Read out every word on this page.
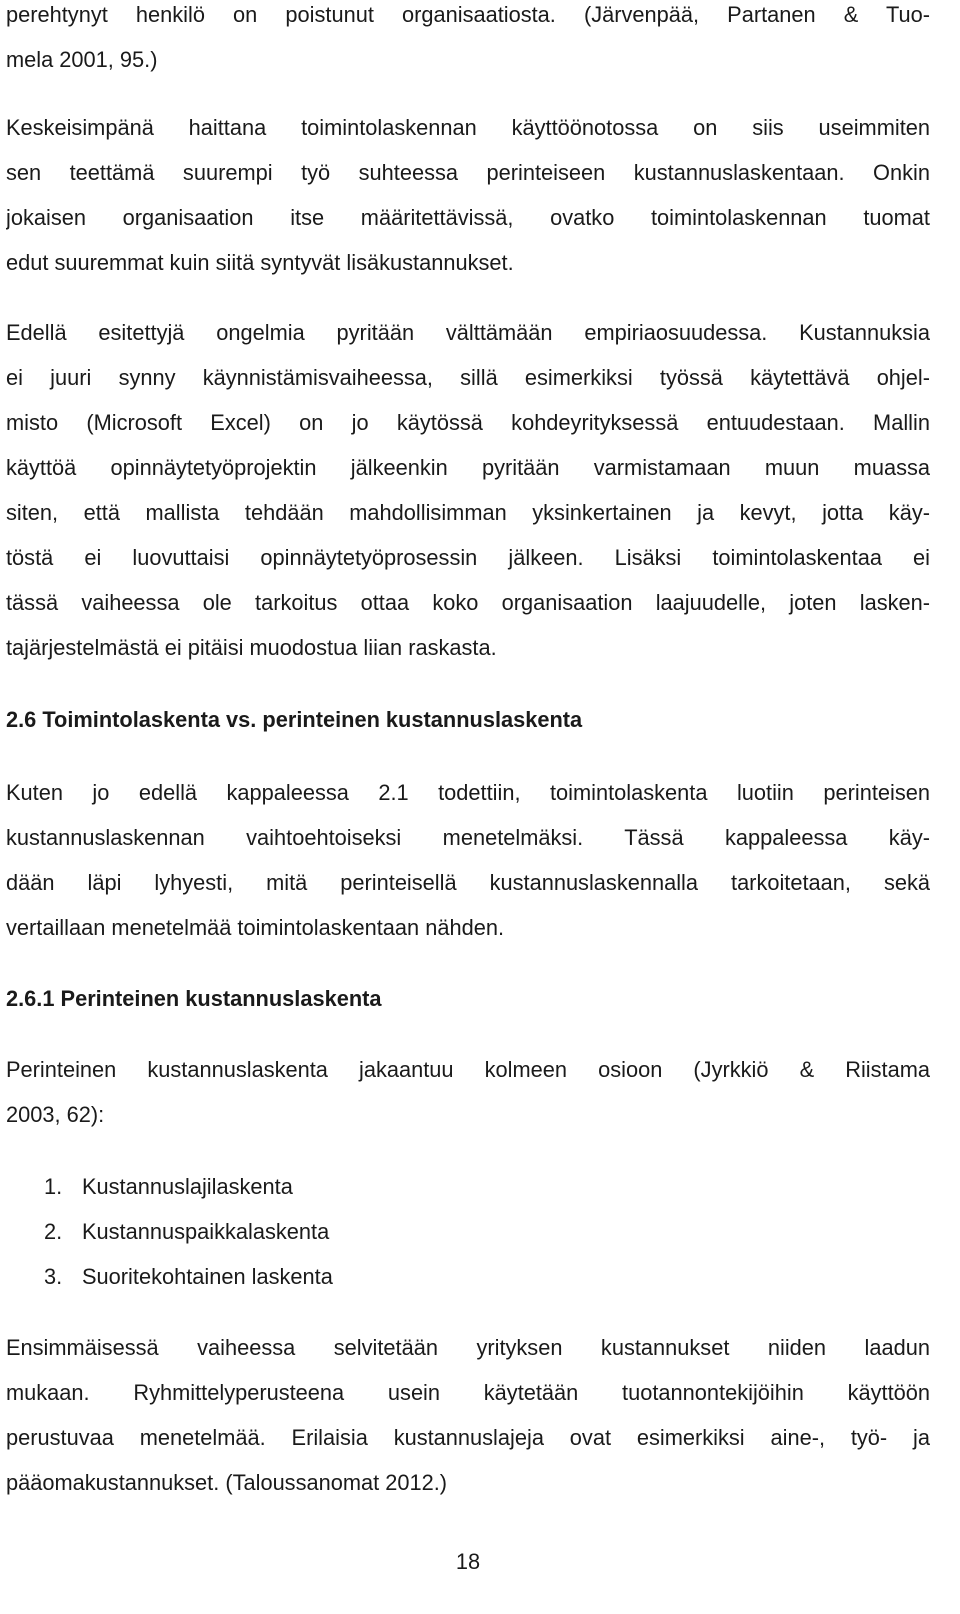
perehtynyt henkilö on poistunut organisaatiosta. (Järvenpää, Partanen & Tuo-
mela 2001, 95.)
Keskeisimpänä haittana toimintolaskennan käyttöönotossa on siis useimmiten
sen teettämä suurempi työ suhteessa perinteiseen kustannuslaskentaan. Onkin
jokaisen organisaation itse määritettävissä, ovatko toimintolaskennan tuomat
edut suuremmat kuin siitä syntyvät lisäkustannukset.
Edellä esitettyjä ongelmia pyritään välttämään empiriaosuudessa. Kustannuksia
ei juuri synny käynnistämisvaiheessa, sillä esimerkiksi työssä käytettävä ohjel-
misto (Microsoft Excel) on jo käytössä kohdeyrityksessä entuudestaan. Mallin
käyttöä opinnäytetyöprojektin jälkeenkin pyritään varmistamaan muun muassa
siten, että mallista tehdään mahdollisimman yksinkertainen ja kevyt, jotta käy-
töstä ei luovuttaisi opinnäytetyöprosessin jälkeen. Lisäksi toimintolaskentaa ei
tässä vaiheessa ole tarkoitus ottaa koko organisaation laajuudelle, joten lasken-
tajärjestelmästä ei pitäisi muodostua liian raskasta.
2.6 Toimintolaskenta vs. perinteinen kustannuslaskenta
Kuten jo edellä kappaleessa 2.1 todettiin, toimintolaskenta luotiin perinteisen
kustannuslaskennan vaihtoehtoiseksi menetelmäksi. Tässä kappaleessa käy-
dään läpi lyhyesti, mitä perinteisellä kustannuslaskennalla tarkoitetaan, sekä
vertaillaan menetelmää toimintolaskentaan nähden.
2.6.1 Perinteinen kustannuslaskenta
Perinteinen kustannuslaskenta jakaantuu kolmeen osioon (Jyrkkiö & Riistama
2003, 62):
1. Kustannuslajilaskenta
2. Kustannuspaikkalaskenta
3. Suoritekohtainen laskenta
Ensimmäisessä vaiheessa selvitetään yrityksen kustannukset niiden laadun
mukaan. Ryhmittelyperusteena usein käytetään tuotannontekijöihin käyttöön
perustuvaa menetelmää. Erilaisia kustannuslajeja ovat esimerkiksi aine-, työ- ja
pääomakustannukset. (Taloussanomat 2012.)
18
